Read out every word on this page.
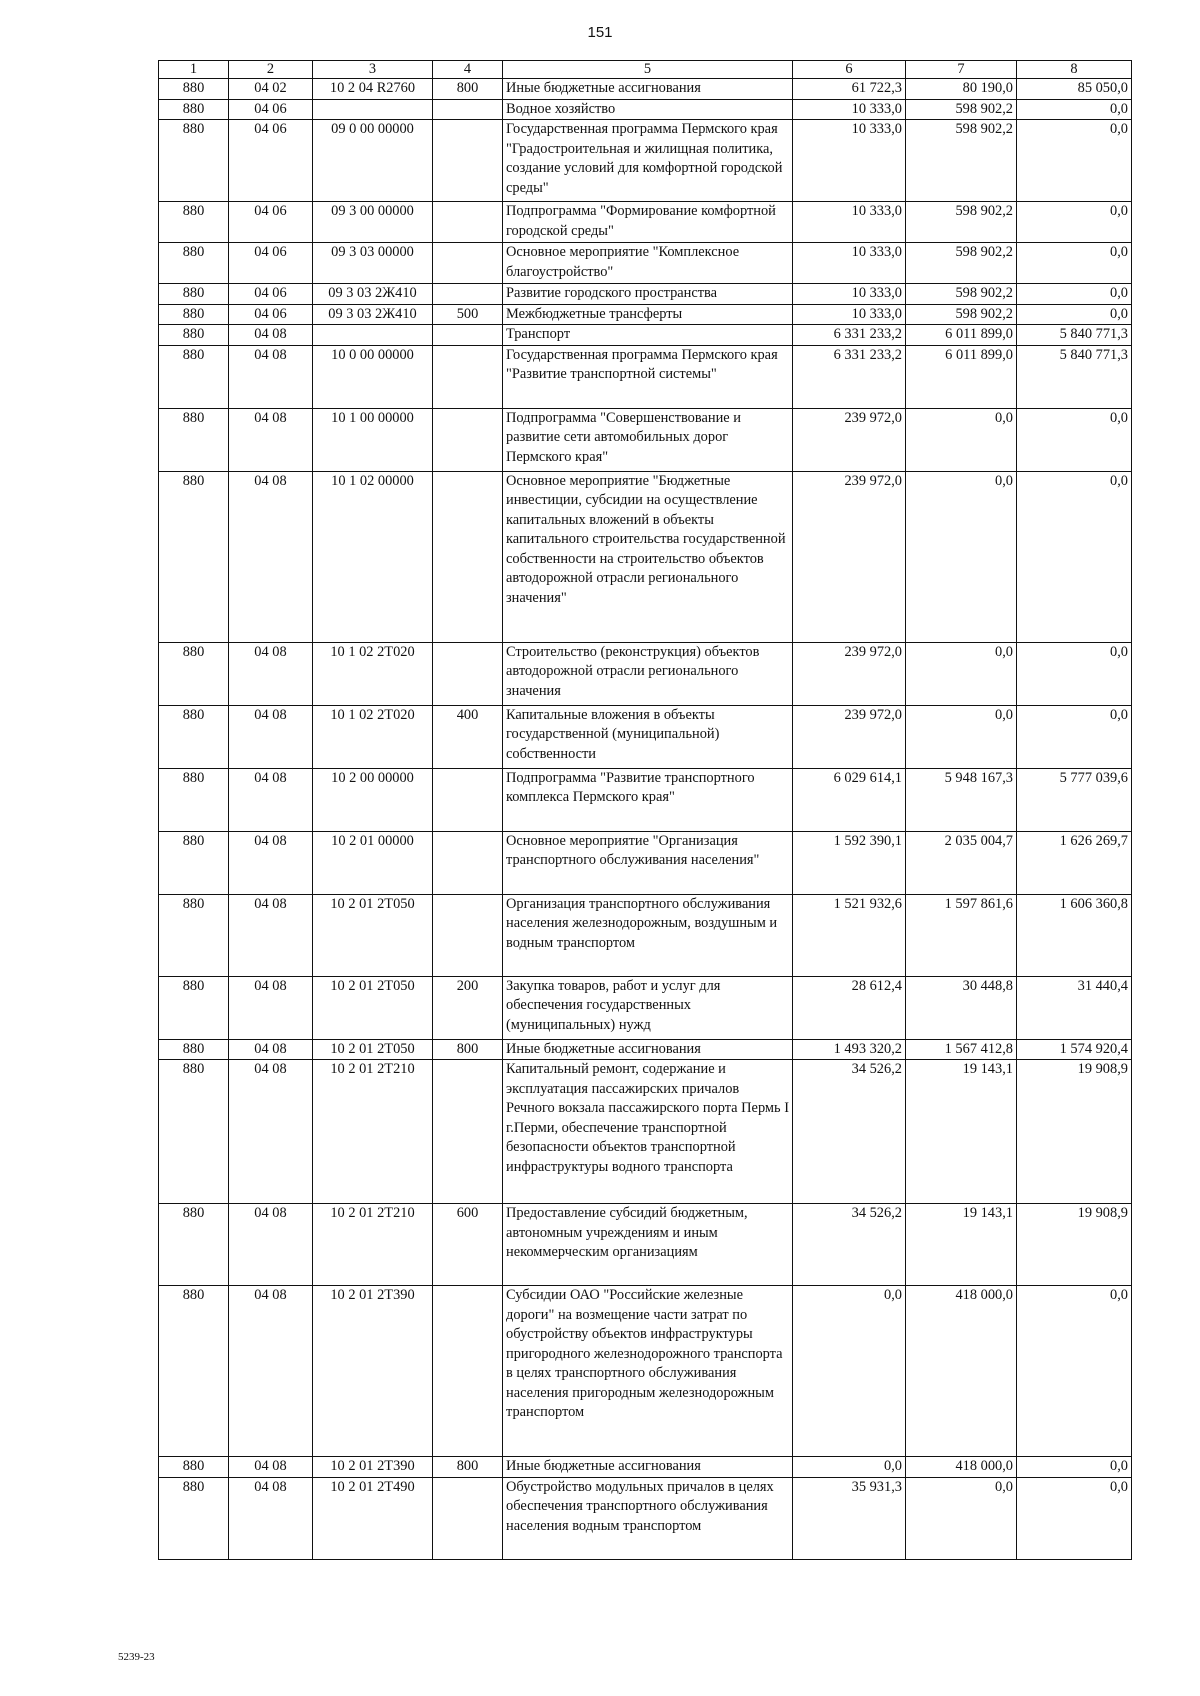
151
1	2	3	4	5	6	7	8
880	04 02	10 2 04 R2760	800	Иные бюджетные ассигнования	61 722,3	80 190,0	85 050,0
880	04 06			Водное хозяйство	10 333,0	598 902,2	0,0
880	04 06	09 0 00 00000		Государственная программа Пермского края "Градостроительная и жилищная политика, создание условий для комфортной городской среды"	10 333,0	598 902,2	0,0
880	04 06	09 3 00 00000		Подпрограмма "Формирование комфортной городской среды"	10 333,0	598 902,2	0,0
880	04 06	09 3 03 00000		Основное мероприятие "Комплексное благоустройство"	10 333,0	598 902,2	0,0
880	04 06	09 3 03 2Ж410		Развитие городского пространства	10 333,0	598 902,2	0,0
880	04 06	09 3 03 2Ж410	500	Межбюджетные трансферты	10 333,0	598 902,2	0,0
880	04 08			Транспорт	6 331 233,2	6 011 899,0	5 840 771,3
880	04 08	10 0 00 00000		Государственная программа Пермского края "Развитие транспортной системы"	6 331 233,2	6 011 899,0	5 840 771,3
880	04 08	10 1 00 00000		Подпрограмма "Совершенствование и развитие сети автомобильных дорог Пермского края"	239 972,0	0,0	0,0
880	04 08	10 1 02 00000		Основное мероприятие "Бюджетные инвестиции, субсидии на осуществление капитальных вложений в объекты капитального строительства государственной собственности на строительство объектов автодорожной отрасли регионального значения"	239 972,0	0,0	0,0
880	04 08	10 1 02 2T020		Строительство (реконструкция) объектов автодорожной отрасли регионального значения	239 972,0	0,0	0,0
880	04 08	10 1 02 2T020	400	Капитальные вложения в объекты государственной (муниципальной) собственности	239 972,0	0,0	0,0
880	04 08	10 2 00 00000		Подпрограмма "Развитие транспортного комплекса Пермского края"	6 029 614,1	5 948 167,3	5 777 039,6
880	04 08	10 2 01 00000		Основное мероприятие "Организация транспортного обслуживания населения"	1 592 390,1	2 035 004,7	1 626 269,7
880	04 08	10 2 01 2T050		Организация транспортного обслуживания населения железнодорожным, воздушным и водным транспортом	1 521 932,6	1 597 861,6	1 606 360,8
880	04 08	10 2 01 2T050	200	Закупка товаров, работ и услуг для обеспечения государственных (муниципальных) нужд	28 612,4	30 448,8	31 440,4
880	04 08	10 2 01 2T050	800	Иные бюджетные ассигнования	1 493 320,2	1 567 412,8	1 574 920,4
880	04 08	10 2 01 2T210		Капитальный ремонт, содержание и эксплуатация пассажирских причалов Речного вокзала пассажирского порта Пермь I г.Перми, обеспечение транспортной безопасности объектов транспортной инфраструктуры водного транспорта	34 526,2	19 143,1	19 908,9
880	04 08	10 2 01 2T210	600	Предоставление субсидий бюджетным, автономным учреждениям и иным некоммерческим организациям	34 526,2	19 143,1	19 908,9
880	04 08	10 2 01 2T390		Субсидии ОАО "Российские железные дороги" на возмещение части затрат по обустройству объектов инфраструктуры пригородного железнодорожного транспорта в целях транспортного обслуживания населения пригородным железнодорожным транспортом	0,0	418 000,0	0,0
880	04 08	10 2 01 2T390	800	Иные бюджетные ассигнования	0,0	418 000,0	0,0
880	04 08	10 2 01 2T490		Обустройство модульных причалов в целях обеспечения транспортного обслуживания населения водным транспортом	35 931,3	0,0	0,0
5239-23
